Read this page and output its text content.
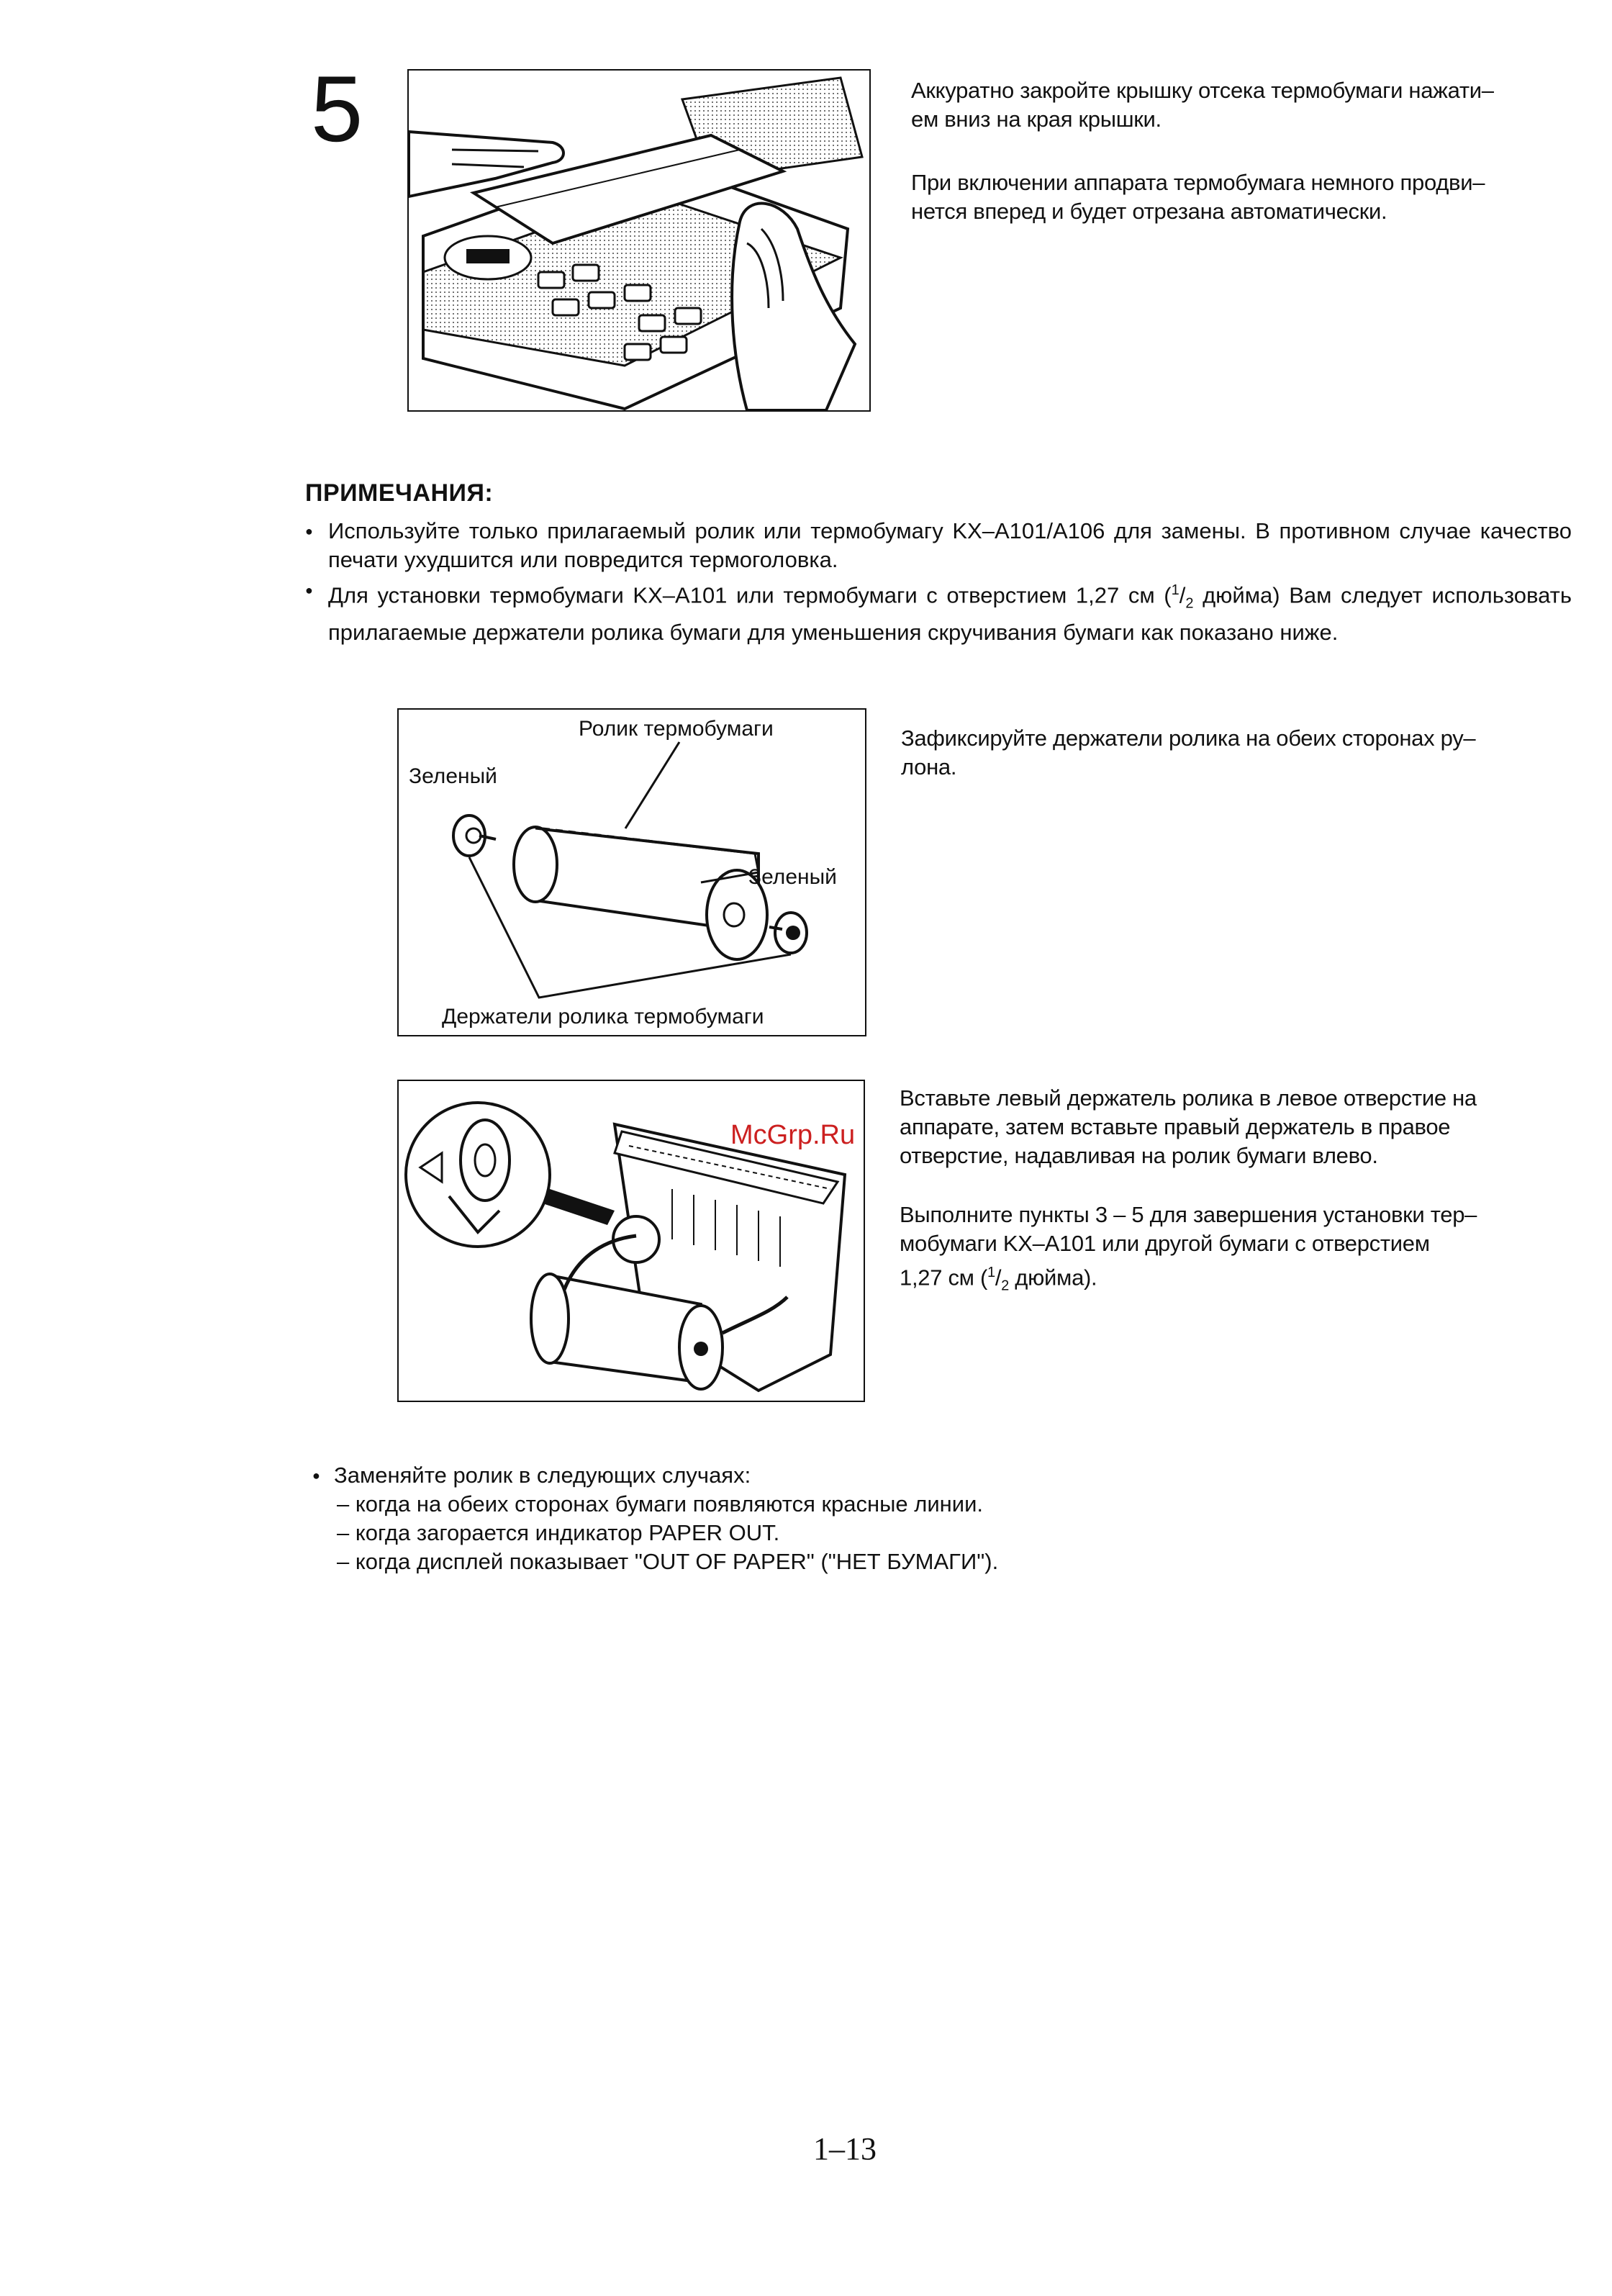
5	Аккуратно закройте крышку отсека термобумаги нажати–
ем вниз на края крышки.
При включении аппарата термобумага немного продви–
нется вперед и будет отрезана автоматически.
ПРИМЕЧАНИЯ:
● Используйте только прилагаемый ролик или термобумагу KX–A101/A106 для замены. В противном случае качество печати ухудшится или повредится термоголовка.
● Для установки термобумаги KX–A101 или термобумаги с отверстием 1,27 см ($^1/_2$ дюйма) Вам следует использовать прилагаемые держатели ролика бумаги для уменьшения скручивания бумаги как показано ниже.
Ролик термобумаги
Зеленый
Зеленый
Держатели ролика термобумаги
Зафиксируйте держатели ролика на обеих сторонах ру–
лона.
McGrp.Ru
Вставьте левый держатель ролика в левое отверстие на
аппарате, затем вставьте правый держатель в правое
отверстие, надавливая на ролик бумаги влево.
Выполните пункты 3 – 5 для завершения установки тер–
мобумаги KX–A101 или другой бумаги с отверстием
1,27 см ($^1/_2$ дюйма).
● Заменяйте ролик в следующих случаях:
– когда на обеих сторонах бумаги появляются красные линии.
– когда загорается индикатор PAPER OUT.
– когда дисплей показывает "OUT OF PAPER" ("НЕТ БУМАГИ").
1–13
